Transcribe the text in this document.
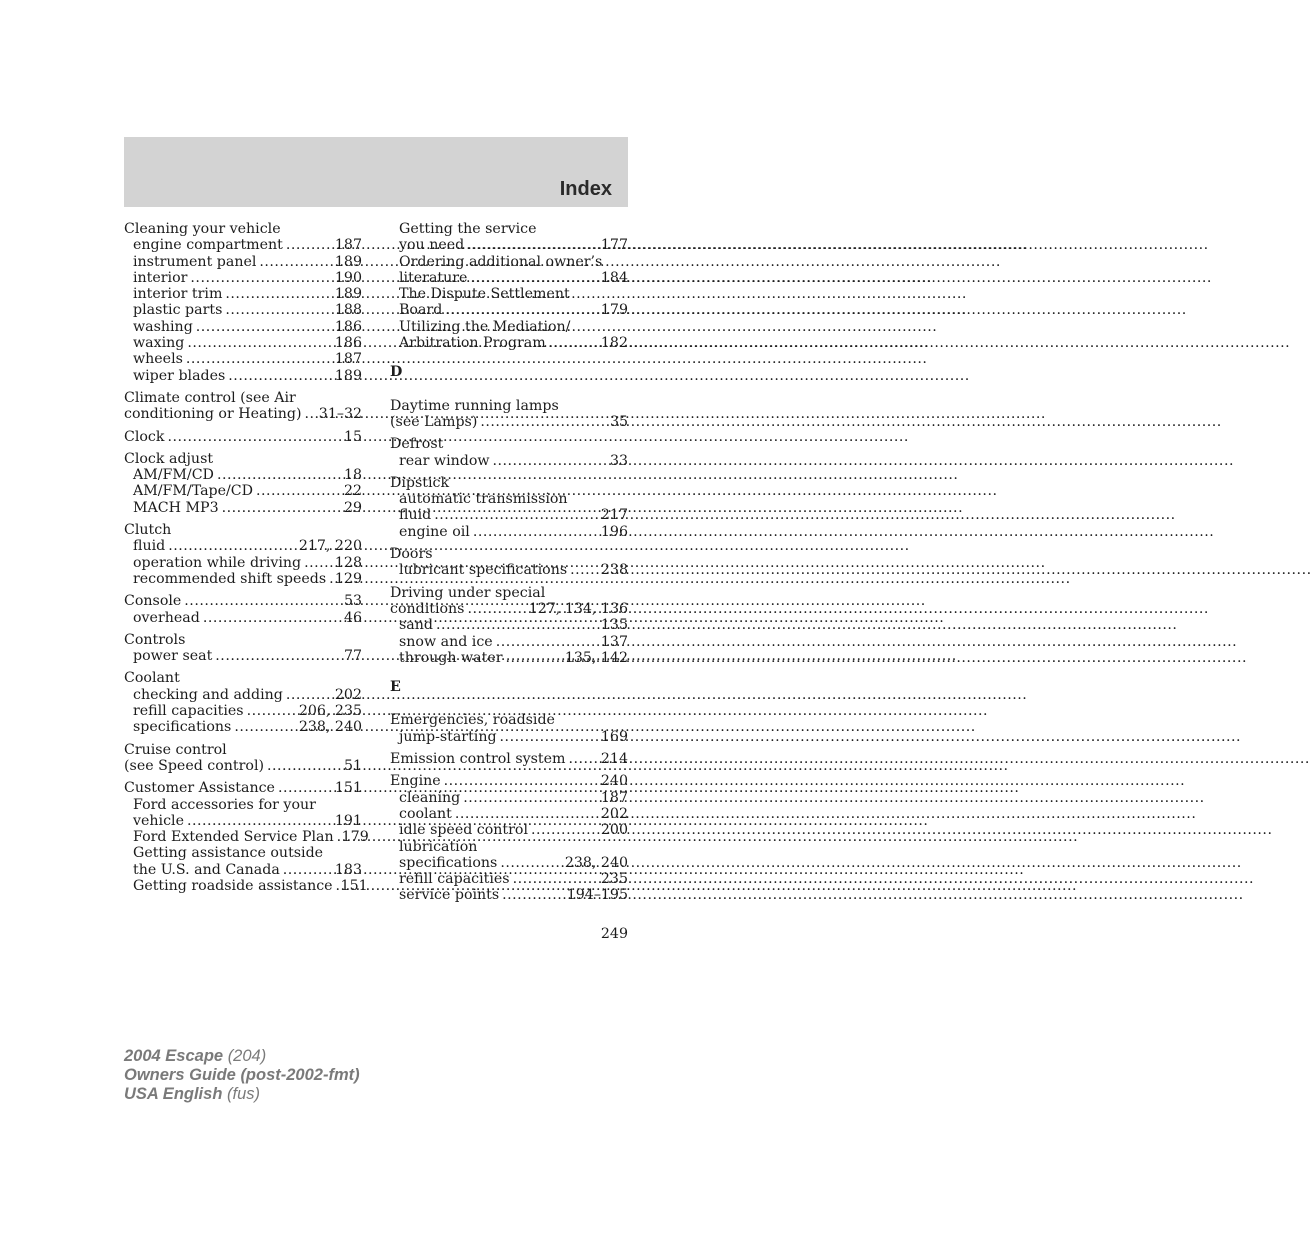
Index
Cleaning your vehicle
engine compartment .....	187
instrument panel .....	189
interior .....	190
interior trim .....	189
plastic parts .....	188
washing .....	186
waxing .....	186
wheels .....	187
wiper blades .....	189
Climate control (see Air
conditioning or Heating) ..... 31–32
Clock .....	15
Clock adjust
AM/FM/CD .....	18
AM/FM/Tape/CD .....	22
MACH MP3 .....	29
Clutch
fluid .....	217, 220
operation while driving ..... 128
recommended shift speeds ..... 129
Console .....	53
overhead .....	46
Controls
power seat .....	77
Coolant
checking and adding .....	202
refill capacities .....	206, 235
specifications .....	238, 240
Cruise control
(see Speed control) .....	51
Customer Assistance .....	151
Ford accessories for your
vehicle .....	191
Ford Extended Service Plan ..... 179
Getting assistance outside
the U.S. and Canada .....	183
Getting roadside assistance ..... 151
Getting the service
you need .....	177
Ordering additional owner’s
literature .....	184
The Dispute Settlement
Board .....	179
Utilizing the Mediation/
Arbitration Program .....	182
D
Daytime running lamps
(see Lamps) .....	35
Defrost
rear window .....	33
Dipstick
automatic transmission
fluid .....	217
engine oil .....	196
Doors
lubricant specifications ..... 238
Driving under special
conditions .....	127, 134, 136
sand .....	135
snow and ice .....	137
through water .....	135, 142
E
Emergencies, roadside
jump-starting .....	169
Emission control system ..... 214
Engine .....	240
cleaning .....	187
coolant .....	202
idle speed control .....	200
lubrication
specifications .....	238, 240
refill capacities .....	235
service points .....	194–195
249
2004 Escape (204)
Owners Guide (post-2002-fmt)
USA English (fus)
